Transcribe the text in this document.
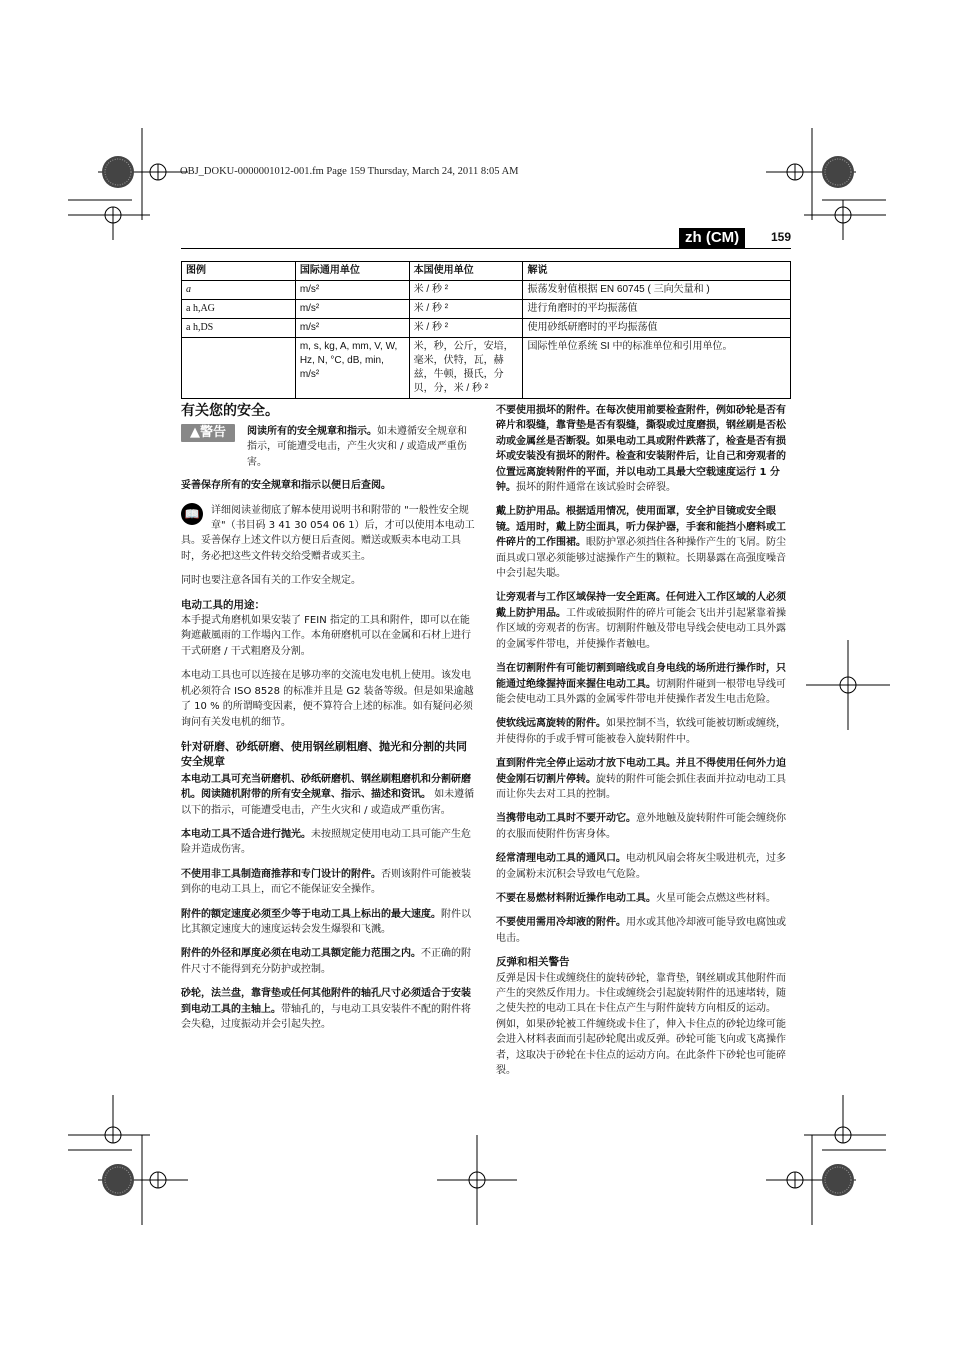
OBJ_DOKU-0000001012-001.fm Page 159 Thursday, March 24, 2011 8:05 AM
zh (CM)	159
图例	国际通用单位	本国使用单位	解说
a	m/s²	米 / 秒 ²	振荡发射值根据 EN 60745 ( 三向矢量和 )
a h,AG	m/s²	米 / 秒 ²	进行角磨时的平均振荡值
a h,DS	m/s²	米 / 秒 ²	使用砂纸研磨时的平均振荡值
	m, s, kg, A, mm, V, W, Hz, N, °C, dB, min, m/s²	米，秒，公斤，安培，毫米，伏特，瓦，赫兹，牛顿，摄氏，分贝，分，米 / 秒 ²	国际性单位系统 SI 中的标准单位和引用单位。
有关您的安全。
▲警告	阅读所有的安全规章和指示。如未遵循安全规章和指示，可能遭受电击，产生火灾和 / 或造成严重伤害。

妥善保存所有的安全规章和指示以便日后查阅。

📖	详细阅读並彻底了解本使用说明书和附带的 "一般性安全规章"（书目码 3 41 30 054 06 1）后，才可以使用本电动工具。妥善保存上述文件以方便日后查阅。赠送或贩卖本电动工具时，务必把这些文件转交给受赠者或买主。

同时也要注意各国有关的工作安全规定。

电动工具的用途：

本手提式角磨机如果安装了 FEIN 指定的工具和附件，即可以在能夠遮蔽風雨的工作場內工作。本角研磨机可以在金属和石材上进行干式研磨 / 干式粗磨及分割。

本电动工具也可以连接在足够功率的交流电发电机上使用。该发电机必须符合 ISO 8528 的标准并且是 G2 装备等级。但是如果逾越了 10 % 的所谓畸变因素，便不算符合上述的标准。如有疑问必须询问有关发电机的细节。

针对研磨、砂纸研磨、使用钢丝刷粗磨、抛光和分割的共同安全规章

本电动工具可充当研磨机、砂纸研磨机、钢丝刷粗磨机和分割研磨机。阅读随机附带的所有安全规章、指示、描述和资讯。 如未遵循以下的指示，可能遭受电击，产生火灾和 / 或造成严重伤害。

本电动工具不适合进行抛光。未按照规定使用电动工具可能产生危险并造成伤害。

不使用非工具制造商推荐和专门设计的附件。否则该附件可能被装到你的电动工具上，而它不能保证安全操作。

附件的额定速度必须至少等于电动工具上标出的最大速度。附件以比其额定速度大的速度运转会发生爆裂和飞溅。

附件的外径和厚度必须在电动工具额定能力范围之内。不正确的附件尺寸不能得到充分防护或控制。

砂轮，法兰盘，靠背垫或任何其他附件的轴孔尺寸必须适合于安装到电动工具的主轴上。带轴孔的，与电动工具安装件不配的附件将会失稳，过度振动并会引起失控。

不要使用损坏的附件。在每次使用前要检查附件，例如砂轮是否有碎片和裂缝，靠背垫是否有裂缝，撕裂或过度磨损，钢丝刷是否松动或金属丝是否断裂。如果电动工具或附件跌落了，检查是否有损坏或安装没有损坏的附件。检查和安装附件后，让自己和旁观者的位置远离旋转附件的平面，并以电动工具最大空载速度运行 1 分钟。损坏的附件通常在该试验时会碎裂。

戴上防护用品。根据适用情况，使用面罩，安全护目镜或安全眼镜。适用时，戴上防尘面具，听力保护器，手套和能挡小磨料或工件碎片的工作围裙。眼防护罩必须挡住各种操作产生的飞屑。防尘面具或口罩必须能够过滤操作产生的颗粒。长期暴露在高强度噪音中会引起失聪。

让旁观者与工作区域保持一安全距离。任何进入工作区域的人必须戴上防护用品。工件或破损附件的碎片可能会飞出并引起紧靠着操作区域的旁观者的伤害。切割附件触及带电导线会使电动工具外露的金属零件带电，并使操作者触电。

当在切割附件有可能切割到暗线或自身电线的场所进行操作时，只能通过绝缘握持面来握住电动工具。切割附件碰到一根带电导线可能会使电动工具外露的金属零件带电并使操作者发生电击危险。

使软线远离旋转的附件。如果控制不当，软线可能被切断或缠绕，并使得你的手或手臂可能被卷入旋转附件中。

直到附件完全停止运动才放下电动工具。并且不得使用任何外力迫使金刚石切割片停转。旋转的附件可能会抓住表面并拉动电动工具而让你失去对工具的控制。

当携带电动工具时不要开动它。意外地触及旋转附件可能会缠绕你的衣服而使附件伤害身体。

经常清理电动工具的通风口。电动机风扇会将灰尘吸进机壳，过多的金属粉末沉积会导致电气危险。

不要在易燃材料附近操作电动工具。火星可能会点燃这些材料。

不要使用需用冷却液的附件。用水或其他冷却液可能导致电腐蚀或电击。

反弹和相关警告

反弹是因卡住或缠绕住的旋转砂轮，靠背垫，钢丝刷或其他附件而产生的突然反作用力。卡住或缠绕会引起旋转附件的迅速堵转，随之使失控的电动工具在卡住点产生与附件旋转方向相反的运动。

例如，如果砂轮被工件缠绕或卡住了，伸入卡住点的砂轮边缘可能会进入材料表面而引起砂轮爬出或反弹。砂轮可能飞向或飞离操作者，这取决于砂轮在卡住点的运动方向。在此条件下砂轮也可能碎裂。
